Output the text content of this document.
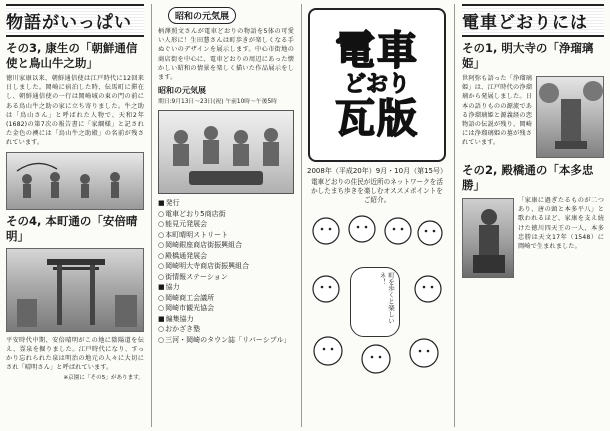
物語がいっぱい
その3, 康生の「朝鮮通信使と鳥山牛之助」
徳川家康以来、朝鮮通信使は江戸時代に12回来日しました。岡崎に宿泊した時、伝馬町に滞在し、朝鮮通信使の一行は岡崎城の東の門の前にある鳥山牛之助の家に立ち寄りました。牛之助は「鳥山さん」と呼ばれた人物で、天和2年(1682)の第7次の報告書に「家綱様」と記された金色の襖には「鳥山牛之助殿」の名前が残されています。
その4, 本町通の「安倍晴明」
平安時代中期、安倍晴明がこの地に陰陽道を伝え、霊泉を掘りました。江戸時代になり、すっかり忘れられた泉は明治の地元の人々に大切にされ「晴明さん」と呼ばれています。
※京園に「その5」があります。
昭和の元気展
柄澤照文さんが電車どおりの物語を5体の可愛い人形に！生田慧さんは町歩きが楽しくなる手ぬぐいのデザインを展示します。中心市街地の商店街を中心に、電車どおりの周辺にあった懐かしい昭和の情景を楽しく描いた作品展示をします。
昭和の元気展
期日:9月13日〜23日(祝) 午前10時〜午後5時
■ 発行
○ 電車どおり5商店街
○ 能見元発展会
○ 本町晴明ストリート
○ 岡崎銀座商店街振興組合
○ 殿橋通発展会
○ 岡崎明大寺商店街振興組合
○ 街情報ステーション
■ 協力
○ 岡崎商工会議所
○ 岡崎市観光協会
■ 編集協力
○ おかざき塾
○ 三河・岡崎のタウン誌「リバーシブル」
電車
どおり
瓦版
2008年（平成20年）9月・10月（第15号）
電車どおりの住民が近所のネットワークを活かしたまち歩きを楽しむオススメポイントをご紹介。
町を歩くと楽しいネ！
電車どおりには
その1, 明大寺の「浄瑠璃姫」
世阿弥も語った「浄瑠璃姫」は、江戸時代の浄瑠璃から発展しました。日本の語りものの源流である浄瑠璃姫と源義経の恋物語の伝説が残り、岡崎には浄瑠璃姫の墓が残されています。
その2, 殿橋通の「本多忠勝」
「家康に過ぎたるものが二つあり、唐の頭と本多平八」と歌われるほど、家康を支え続けた徳川四天王の一人、本多忠勝は天文17年（1548）に岡崎で生まれました。
